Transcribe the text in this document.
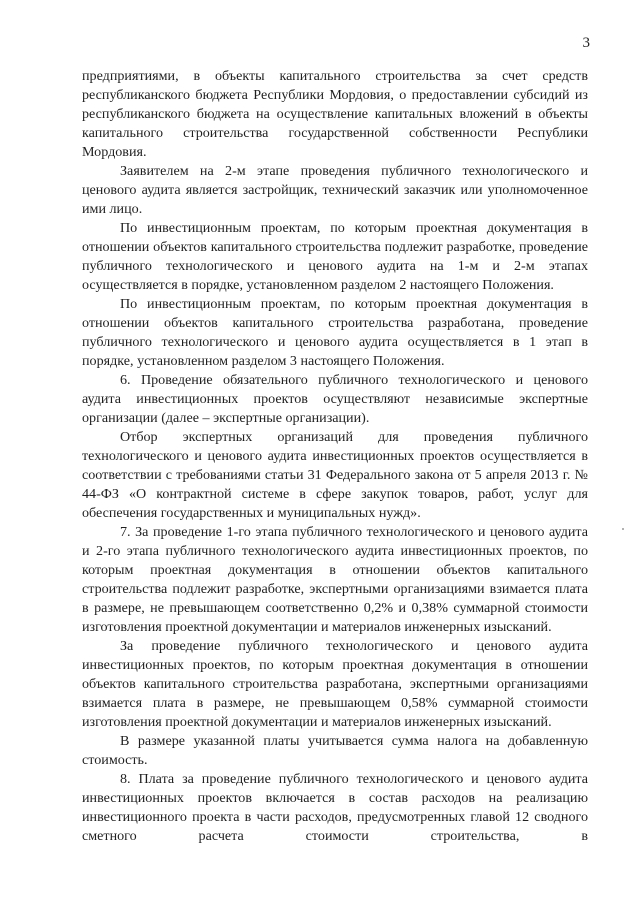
3

предприятиями, в объекты капитального строительства за счет средств республиканского бюджета Республики Мордовия, о предоставлении субсидий из республиканского бюджета на осуществление капитальных вложений в объекты капитального строительства государственной собственности Республики Мордовия.

Заявителем на 2-м этапе проведения публичного технологического и ценового аудита является застройщик, технический заказчик или уполномоченное ими лицо.

По инвестиционным проектам, по которым проектная документация в отношении объектов капитального строительства подлежит разработке, проведение публичного технологического и ценового аудита на 1-м и 2-м этапах осуществляется в порядке, установленном разделом 2 настоящего Положения.

По инвестиционным проектам, по которым проектная документация в отношении объектов капитального строительства разработана, проведение публичного технологического и ценового аудита осуществляется в 1 этап в порядке, установленном разделом 3 настоящего Положения.

6. Проведение обязательного публичного технологического и ценового аудита инвестиционных проектов осуществляют независимые экспертные организации (далее – экспертные организации).

Отбор экспертных организаций для проведения публичного технологического и ценового аудита инвестиционных проектов осуществляется в соответствии с требованиями статьи 31 Федерального закона от 5 апреля 2013 г. № 44-ФЗ «О контрактной системе в сфере закупок товаров, работ, услуг для обеспечения государственных и муниципальных нужд».

7. За проведение 1-го этапа публичного технологического и ценового аудита и 2-го этапа публичного технологического аудита инвестиционных проектов, по которым проектная документация в отношении объектов капитального строительства подлежит разработке, экспертными организациями взимается плата в размере, не превышающем соответственно 0,2% и 0,38% суммарной стоимости изготовления проектной документации и материалов инженерных изысканий.

За проведение публичного технологического и ценового аудита инвестиционных проектов, по которым проектная документация в отношении объектов капитального строительства разработана, экспертными организациями взимается плата в размере, не превышающем 0,58% суммарной стоимости изготовления проектной документации и материалов инженерных изысканий.

В размере указанной платы учитывается сумма налога на добавленную стоимость.

8. Плата за проведение публичного технологического и ценового аудита инвестиционных проектов включается в состав расходов на реализацию инвестиционного проекта в части расходов, предусмотренных главой 12 сводного сметного расчета стоимости строительства, в
